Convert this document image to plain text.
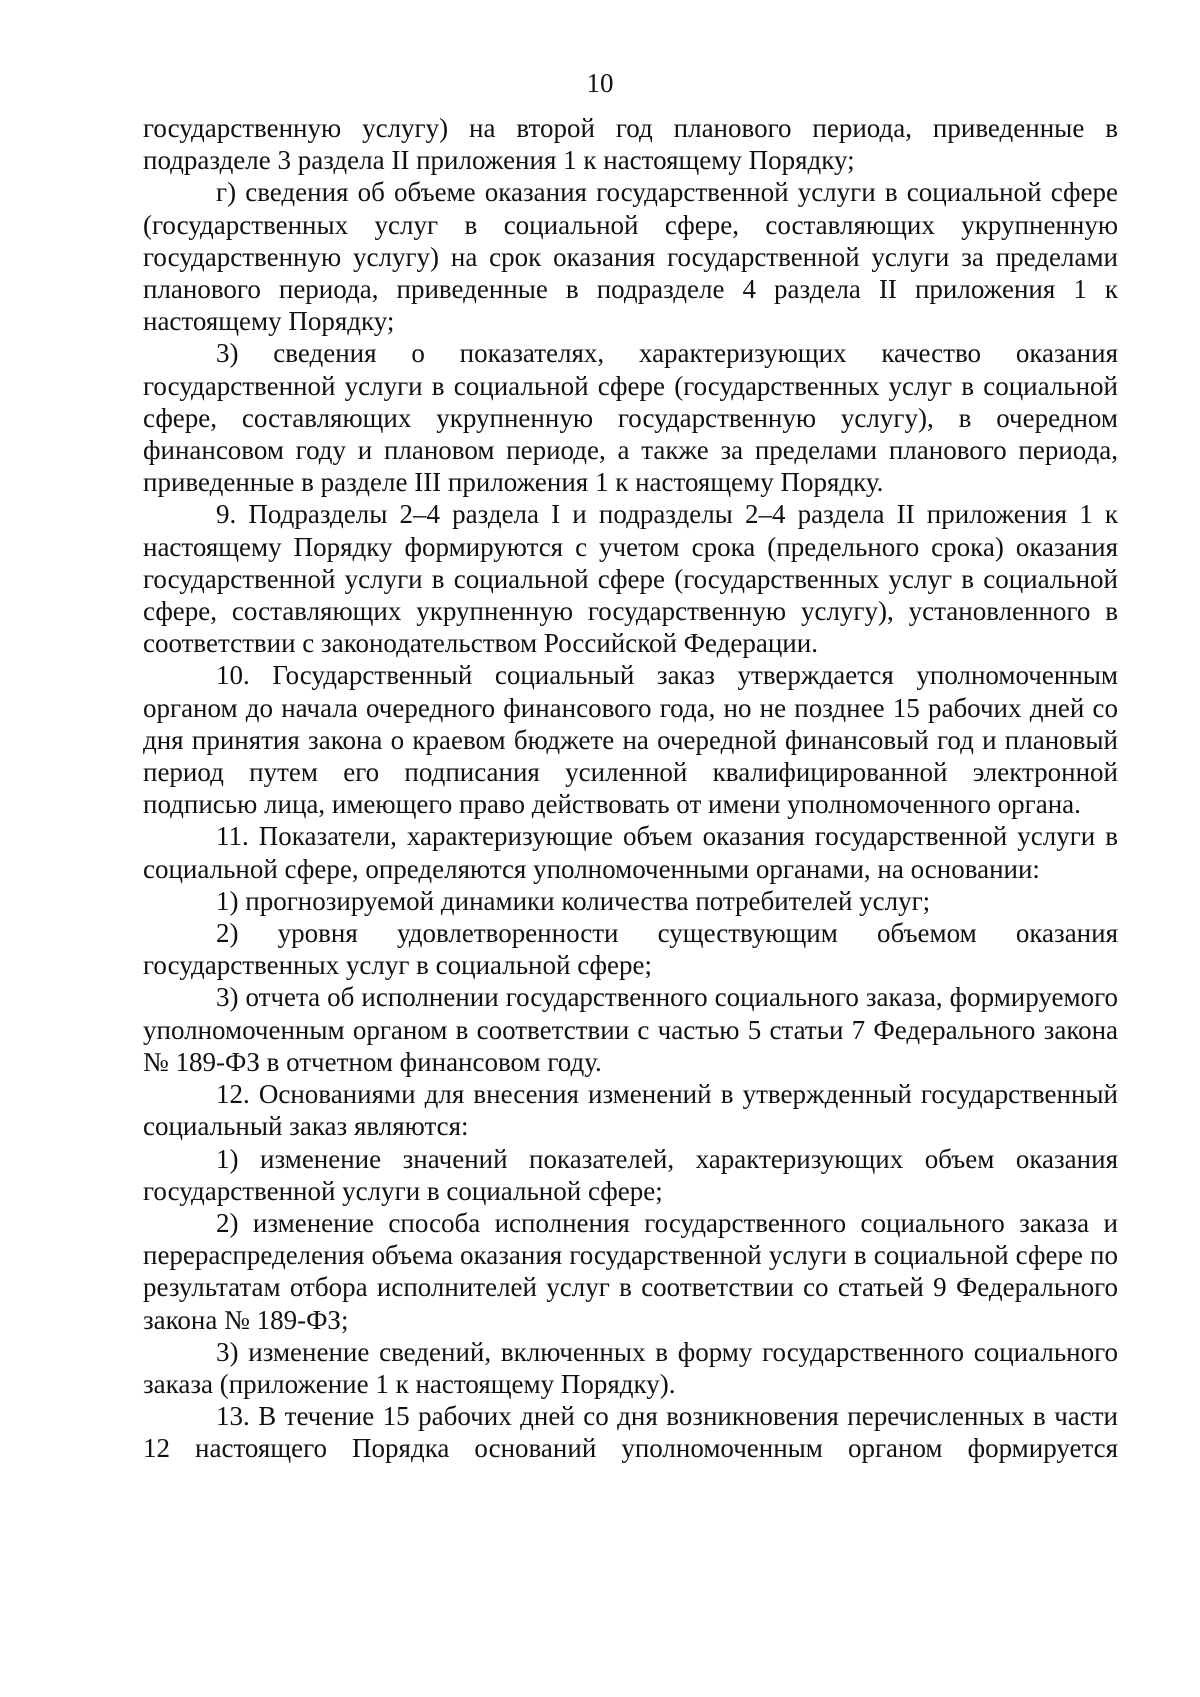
10

государственную услугу) на второй год планового периода, приведенные в подразделе 3 раздела II приложения 1 к настоящему Порядку;

г) сведения об объеме оказания государственной услуги в социальной сфере (государственных услуг в социальной сфере, составляющих укрупненную государственную услугу) на срок оказания государственной услуги за пределами планового периода, приведенные в подразделе 4 раздела II приложения 1 к настоящему Порядку;

3) сведения о показателях, характеризующих качество оказания государственной услуги в социальной сфере (государственных услуг в социальной сфере, составляющих укрупненную государственную услугу), в очередном финансовом году и плановом периоде, а также за пределами планового периода, приведенные в разделе III приложения 1 к настоящему Порядку.

9. Подразделы 2–4 раздела I и подразделы 2–4 раздела II приложения 1 к настоящему Порядку формируются с учетом срока (предельного срока) оказания государственной услуги в социальной сфере (государственных услуг в социальной сфере, составляющих укрупненную государственную услугу), установленного в соответствии с законодательством Российской Федерации.

10. Государственный социальный заказ утверждается уполномоченным органом до начала очередного финансового года, но не позднее 15 рабочих дней со дня принятия закона о краевом бюджете на очередной финансовый год и плановый период путем его подписания усиленной квалифицированной электронной подписью лица, имеющего право действовать от имени уполномоченного органа.

11. Показатели, характеризующие объем оказания государственной услуги в социальной сфере, определяются уполномоченными органами, на основании:

1) прогнозируемой динамики количества потребителей услуг;

2) уровня удовлетворенности существующим объемом оказания государственных услуг в социальной сфере;

3) отчета об исполнении государственного социального заказа, формируемого уполномоченным органом в соответствии с частью 5 статьи 7 Федерального закона № 189-ФЗ в отчетном финансовом году.

12. Основаниями для внесения изменений в утвержденный государственный социальный заказ являются:

1) изменение значений показателей, характеризующих объем оказания государственной услуги в социальной сфере;

2) изменение способа исполнения государственного социального заказа и перераспределения объема оказания государственной услуги в социальной сфере по результатам отбора исполнителей услуг в соответствии со статьей 9 Федерального закона № 189-ФЗ;

3) изменение сведений, включенных в форму государственного социального заказа (приложение 1 к настоящему Порядку).

13. В течение 15 рабочих дней со дня возникновения перечисленных в части 12 настоящего Порядка оснований уполномоченным органом формируется
